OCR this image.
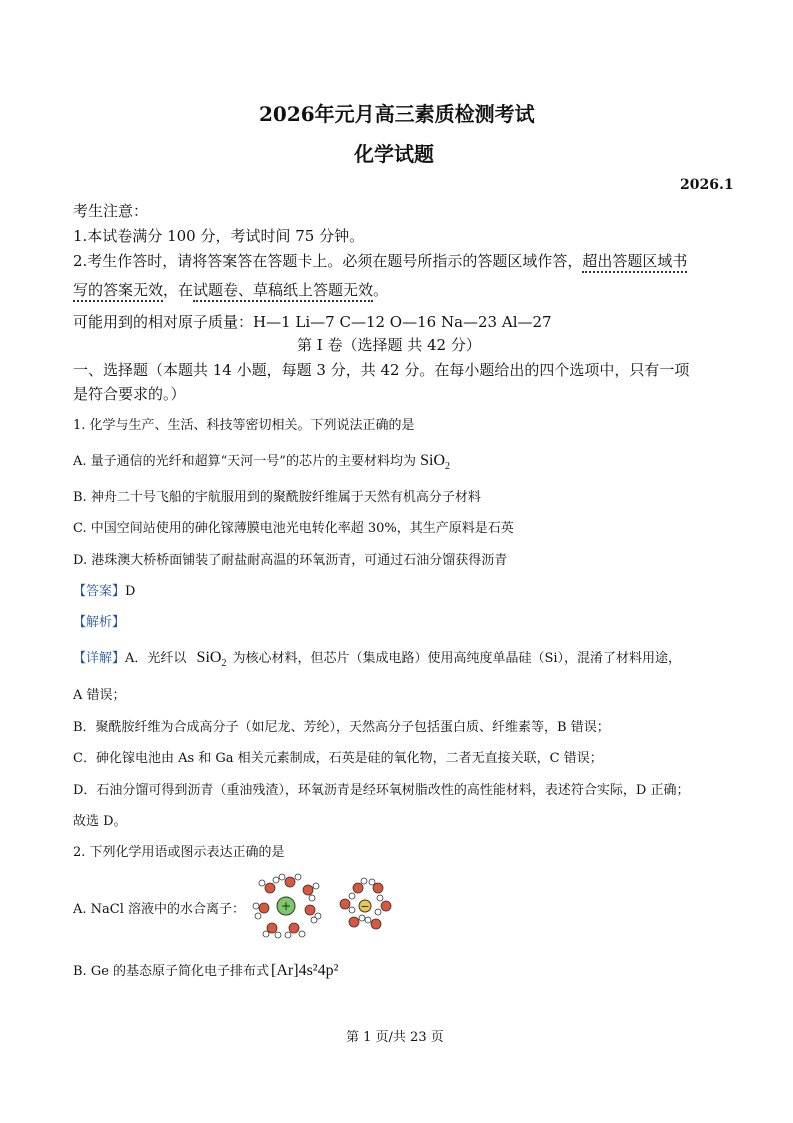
2026年元月高三素质检测考试
化学试题
2026.1
考生注意：
1.本试卷满分 100 分，考试时间 75 分钟。
2.考生作答时，请将答案答在答题卡上。必须在题号所指示的答题区域作答，超出答题区域书
写的答案无效，在试题卷、草稿纸上答题无效。
可能用到的相对原子质量：H—1 Li—7 C—12 O—16 Na—23 Al—27
第 I 卷（选择题 共 42 分）
一、选择题（本题共 14 小题，每题 3 分，共 42 分。在每小题给出的四个选项中，只有一项
是符合要求的。）
1. 化学与生产、生活、科技等密切相关。下列说法正确的是
A. 量子通信的光纤和超算“天河一号”的芯片的主要材料均为 SiO$_2$
B. 神舟二十号飞船的宇航服用到的聚酰胺纤维属于天然有机高分子材料
C. 中国空间站使用的砷化镓薄膜电池光电转化率超 30%，其生产原料是石英
D. 港珠澳大桥桥面铺装了耐盐耐高温的环氧沥青，可通过石油分馏获得沥青
【答案】D
【解析】
【详解】A．光纤以 SiO$_2$ 为核心材料，但芯片（集成电路）使用高纯度单晶硅（Si），混淆了材料用途，
A 错误；
B．聚酰胺纤维为合成高分子（如尼龙、芳纶），天然高分子包括蛋白质、纤维素等，B 错误；
C．砷化镓电池由 As 和 Ga 相关元素制成，石英是硅的氧化物，二者无直接关联，C 错误；
D．石油分馏可得到沥青（重油残渣），环氧沥青是经环氧树脂改性的高性能材料，表述符合实际，D 正确；
故选 D。
2. 下列化学用语或图示表达正确的是
A. NaCl 溶液中的水合离子：	+	−
B. Ge 的基态原子简化电子排布式 [Ar]4s²4p²
第 1 页/共 23 页
